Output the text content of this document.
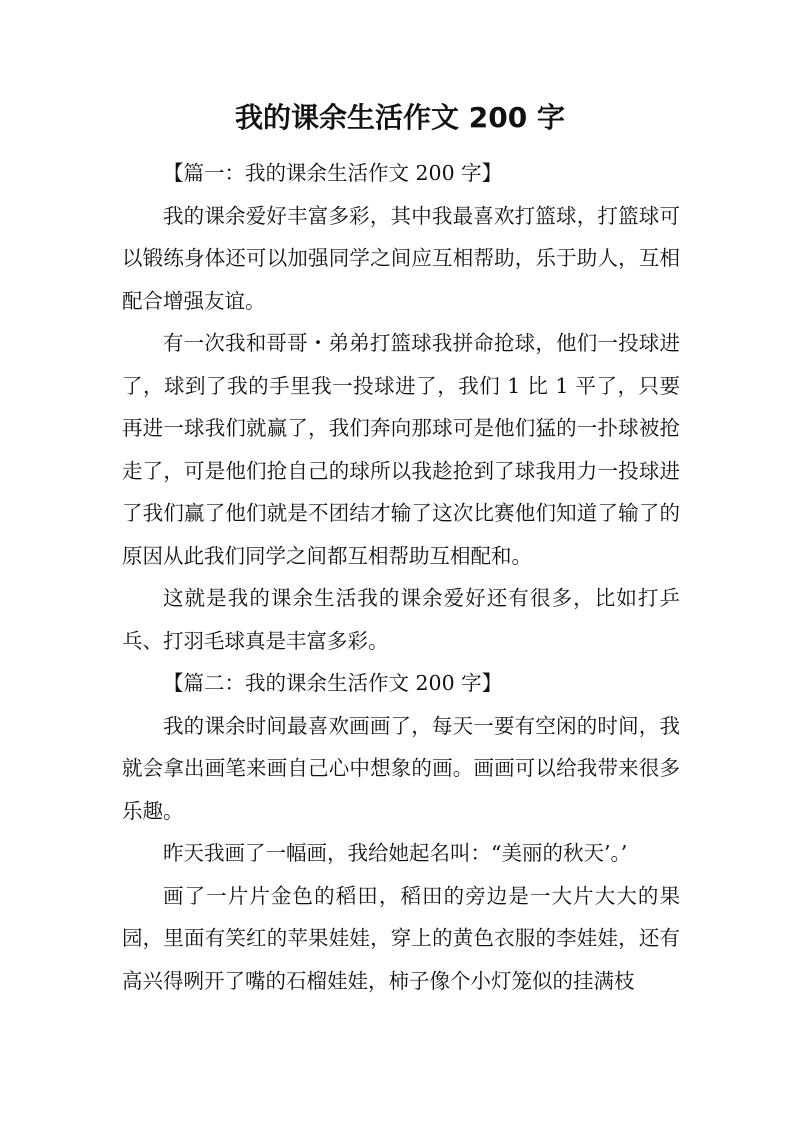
我的课余生活作文 200 字

【篇一：我的课余生活作文 200 字】

我的课余爱好丰富多彩，其中我最喜欢打篮球，打篮球可以锻练身体还可以加强同学之间应互相帮助，乐于助人，互相配合增强友谊。

有一次我和哥哥・弟弟打篮球我拼命抢球，他们一投球进了，球到了我的手里我一投球进了，我们 1 比 1 平了，只要再进一球我们就赢了，我们奔向那球可是他们猛的一扑球被抢走了，可是他们抢自己的球所以我趁抢到了球我用力一投球进了我们赢了他们就是不团结才输了这次比赛他们知道了输了的原因从此我们同学之间都互相帮助互相配和。

这就是我的课余生活我的课余爱好还有很多，比如打乒乓、打羽毛球真是丰富多彩。

【篇二：我的课余生活作文 200 字】

我的课余时间最喜欢画画了，每天一要有空闲的时间，我就会拿出画笔来画自己心中想象的画。画画可以给我带来很多乐趣。

昨天我画了一幅画，我给她起名叫：“美丽的秋天’。’

画了一片片金色的稻田，稻田的旁边是一大片大大的果园，里面有笑红的苹果娃娃，穿上的黄色衣服的李娃娃，还有高兴得咧开了嘴的石榴娃娃，柿子像个小灯笼似的挂满枝
